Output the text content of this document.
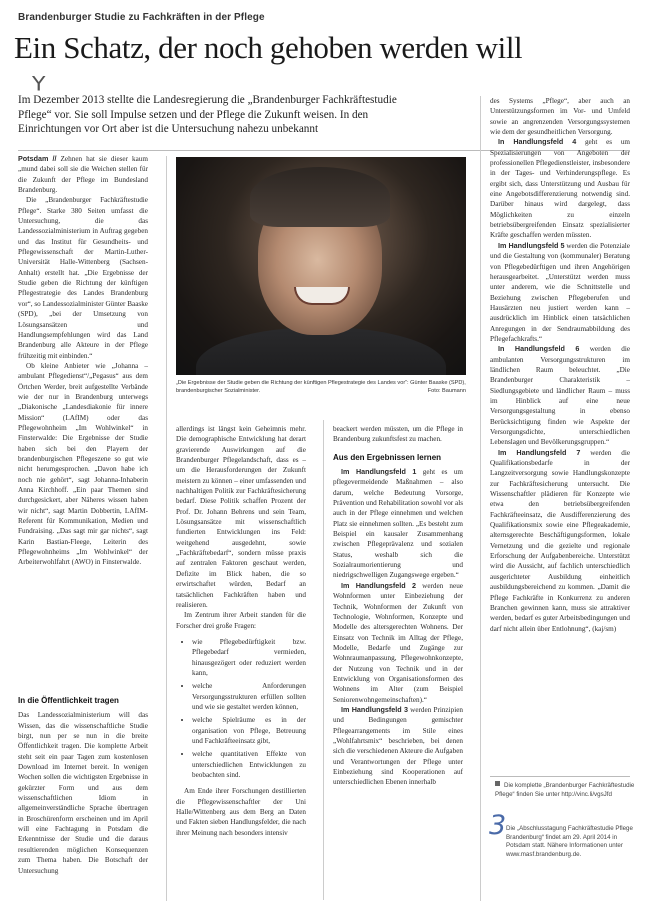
Brandenburger Studie zu Fachkräften in der Pflege
Ein Schatz, der noch gehoben werden will
Y
Im Dezember 2013 stellte die Landesregierung die „Brandenburger Fachkräftestudie Pflege“ vor. Sie soll Impulse setzen und der Pflege die Zukunft weisen. In den Einrichtungen vor Ort aber ist die Untersuchung nahezu unbekannt

Potsdam // Zehnen hat sie dieser kaum „mund dabei soll sie die Weichen stellen für die Zukunft der Pflege im Bundesland Brandenburg.

Die „Brandenburger Fachkräftestudie Pflege“. Starke 380 Seiten umfasst die Untersuchung, die das Landessozialministerium in Auftrag gegeben und das Institut für Gesundheits- und Pflegewissenschaft der Martin-Luther-Universität Halle-Wittenberg (Sachsen-Anhalt) erstellt hat. „Die Ergebnisse der Studie geben die Richtung der künftigen Pflegestrategie des Landes Brandenburg vor“, so Landessozialminister Günter Baaske (SPD), „bei der Umsetzung von Lösungsansätzen und Handlungsempfehlungen wird das Land Brandenburg alle Akteure in der Pflege frühzeitig mit einbinden.“

Ob kleine Anbieter wie „Johanna – ambulant Pflegedienst“/„Pegasus“ aus dem Örtchen Werder, breit aufgestellte Verbände wie der nur in Brandenburg unterwegs „Diakonische „Landesdiakonie für innere Mission“ (LAfIM) oder das Pflegewohnheim „Im Wohlwinkel“ in Finsterwalde: Die Ergebnisse der Studie haben sich bei den Playern der brandenburgischen Pflegeszene so gut wie nicht herumgesprochen. „Davon habe ich noch nie gehört“, sagt Johanna-Inhaberin Anna Kirchhoff. „Ein paar Themen sind durchgesickert, aber Näheres wissen haben wir nicht“, sagt Martin Dobbertin, LAfIM-Referent für Kommunikation, Medien und Fundraising. „Das sagt mir gar nichts“, sagt Karin Bastian-Fleege, Leiterin des Pflegewohnheims „Im Wohlwinkel“ der Arbeiterwohlfahrt (AWO) in Finsterwalde.

In die Öffentlichkeit tragen

Das Landessozialministerium will das Wissen, das die wissenschaftliche Studie birgt, nun per se nun in die breite Öffentlichkeit tragen. Die komplette Arbeit steht seit ein paar Tagen zum kostenlosen Download im Internet bereit. In wenigen Wochen sollen die wichtigsten Ergebnisse in gekürzter Form und aus dem wissenschaftlichen Idiom in allgemeinverständliche Sprache übertragen in Broschürenform erscheinen und im April will eine Fachtagung in Potsdam die Erkenntnisse der Studie und die daraus resultierenden möglichen Konsequenzen zum Thema haben. Die Botschaft der Untersuchung

„Die Ergebnisse der Studie geben die Richtung der künftigen Pflegestrategie des Landes vor“: Günter Baaske (SPD), brandenburgischer Sozialminister.	Foto: Baumann

allerdings ist längst kein Geheimnis mehr. Die demographische Entwicklung hat derart gravierende Auswirkungen auf die Brandenburger Pflegelandschaft, dass es – um die Herausforderungen der Zukunft meistern zu können – einer umfassenden und nachhaltigen Politik zur Fachkräftesicherung bedarf. Diese Politik schaffen Prozent der Prof. Dr. Johann Behrens und sein Team, Lösungsansätze mit wissenschaftlich fundierten Entwicklungen ins Feld: weitgehend ausgedehnt, sowie „Fachkräftebedarf“, sondern müsse praxis auf zentralen Faktoren geschaut werden, Defizite im Blick haben, die so erwirtschaftet würden, Bedarf an tatsächlichen Fachkräften haben und realisieren.

Im Zentrum ihrer Arbeit standen für die Forscher drei große Fragen:

• wie Pflegebedürftigkeit bzw. Pflegebedarf vermieden, hinausgezögert oder reduziert werden kann,
• welche Anforderungen Versorgungsstrukturen erfüllen sollten und wie sie gestaltet werden können,
• welche Spielräume es in der organisation von Pflege, Betreuung und Fachkräfteeinsatz gibt,
• welche quantitativen Effekte von unterschiedlichen Entwicklungen zu beobachten sind.

Am Ende ihrer Forschungen destillierten die Pflegewissenschaftler der Uni Halle/Wittenberg aus dem Berg an Daten und Fakten sieben Handlungsfelder, die nach ihrer Meinung nach besonders intensiv

beackert werden müssten, um die Pflege in Brandenburg zukunftsfest zu machen.

Aus den Ergebnissen lernen

Im Handlungsfeld 1 geht es um pflegevermeidende Maßnahmen – also darum, welche Bedeutung Vorsorge, Prävention und Rehabilitation sowohl vor als auch in der Pflege einnehmen und welchen Platz sie einnehmen sollten. „Es besteht zum Beispiel ein kausaler Zusammenhang zwischen Pflegeprävalenz und sozialen Status, weshalb sich die Sozialraumorientierung und niedrigschwelligen Zugangswege ergeben.“

Im Handlungsfeld 2 werden neue Wohnformen unter Einbeziehung der Technik, Wohnformen der Zukunft von Technologie, Wohnformen, Konzepte und Modelle des altersgerechten Wohnens. Der Einsatz von Technik im Alltag der Pflege, Modelle, Bedarfe und Zugänge zur Wohnraumanpassung, Pflegewohnkonzepte, der Nutzung von Technik und in der Entwicklung von Organisationsformen des Wohnens im Alter (zum Beispiel Seniorenwohngemeinschaften).“

Im Handlungsfeld 3 werden Prinzipien und Bedingungen gemischter Pflegearrangements im Stile eines „Wohlfahrtsmix“ beschrieben, bei denen sich die verschiedenen Akteure die Aufgaben und Verantwortungen der Pflege unter Einbeziehung sind Kooperationen auf unterschiedlichen Ebenen innerhalb

des Systems „Pflege“, aber auch an Unterstützungsformen im Vor- und Umfeld sowie an angrenzenden Versorgungssystemen wie dem der gesundheitlichen Versorgung.

In Handlungsfeld 4 geht es um Spezialisierungen von Angeboten der professionellen Pflegedienstleister, insbesondere in der Tages- und Verhinderungspflege. Es ergibt sich, dass Unterstützung und Ausbau für eine Angebotsdifferenzierung notwendig sind. Darüber hinaus wird dargelegt, dass Möglichkeiten zu einzeln betriebsübergreifenden Einsatz spezialisierter Kräfte geschaffen werden müssten.

Im Handlungsfeld 5 werden die Potenziale und die Gestaltung von (kommunaler) Beratung von Pflegebedürftigen und ihren Angehörigen herausgearbeitet. „Unterstützt werden muss unter anderem, wie die Schnittstelle und Beziehung zwischen Pflegeberufen und Hausärzten neu justiert werden kann – ausdrücklich im Hinblick einen tatsächlichen Anregungen in der Sendraumabbildung des Pflegefachkrafts.“

In Handlungsfeld 6 werden die ambulanten Versorgungsstrukturen im ländlichen Raum beleuchtet. „Die Brandenburger Charakteristik – Siedlungsgebiete und ländlicher Raum – muss im Hinblick auf eine neue Versorgungsgestaltung in ebenso Berücksichtigung finden wie Aspekte der Versorgungsdichte, unterschiedlichen Lebenslagen und Bevölkerungsgruppen.“

Im Handlungsfeld 7 werden die Qualifikationsbedarfe in der Langzeitversorgung sowie Handlungskonzepte zur Fachkräftesicherung untersucht. Die Wissenschaftler plädieren für Konzepte wie etwa den betriebsübergreifenden Fachkräfteeinsatz, die Ausdifferenzierung des Qualifikationsmix sowie eine Pflegeakademie, alternsgerechte Beschäftigungsformen, lokale Vernetzung und die gezielte und regionale Erforschung der Aufgabenbereiche. Unterstützt wird die Aussicht, auf fachlich unterschiedlich ausgerichteter Ausbildung einheitlich ausbildungsbereichend zu kommen. „Damit die Pflege Fachkräfte in Konkurrenz zu anderen Branchen gewinnen kann, muss sie attraktiver werden, bedarf es guter Arbeitsbedingungen und darf nicht allein über Entlohnung“, (kaj/sm)

Die komplette „Brandenburger Fachkräftestudie Pflege“ finden Sie unter http://vinc.li/vgsJfd
3 Die „Abschlusstagung Fachkräftestudie Pflege Brandenburg“ findet am 29. April 2014 in Potsdam statt. Nähere Informationen unter www.masf.brandenburg.de.
